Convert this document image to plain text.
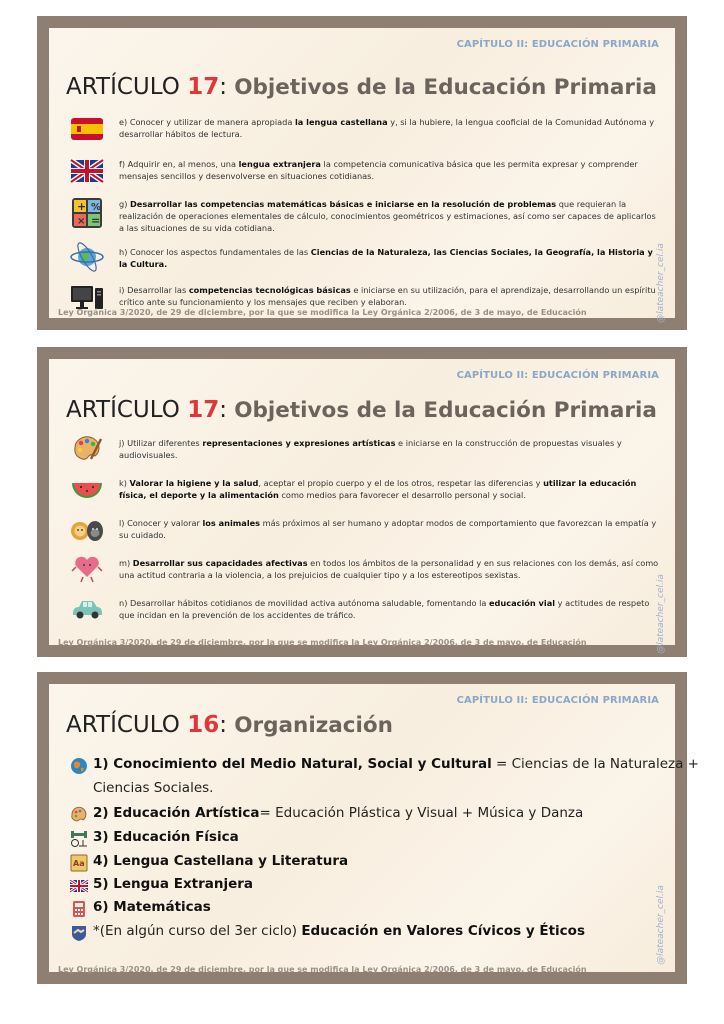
CAPÍTULO II: EDUCACIÓN PRIMARIA
ARTÍCULO 17: Objetivos de la Educación Primaria
e) Conocer y utilizar de manera apropiada la lengua castellana y, si la hubiere, la lengua cooficial de la Comunidad Autónoma y desarrollar hábitos de lectura.
f) Adquirir en, al menos, una lengua extranjera la competencia comunicativa básica que les permita expresar y comprender mensajes sencillos y desenvolverse en situaciones cotidianas.
+ %
× =
g) Desarrollar las competencias matemáticas básicas e iniciarse en la resolución de problemas que requieran la realización de operaciones elementales de cálculo, conocimientos geométricos y estimaciones, así como ser capaces de aplicarlos a las situaciones de su vida cotidiana.
h) Conocer los aspectos fundamentales de las Ciencias de la Naturaleza, las Ciencias Sociales, la Geografía, la Historia y la Cultura.
i) Desarrollar las competencias tecnológicas básicas e iniciarse en su utilización, para el aprendizaje, desarrollando un espíritu crítico ante su funcionamiento y los mensajes que reciben y elaboran.
Ley Orgánica 3/2020, de 29 de diciembre, por la que se modifica la Ley Orgánica 2/2006, de 3 de mayo, de Educación	@lateacher_cel.ia
CAPÍTULO II: EDUCACIÓN PRIMARIA
ARTÍCULO 17: Objetivos de la Educación Primaria
j) Utilizar diferentes representaciones y expresiones artísticas e iniciarse en la construcción de propuestas visuales y audiovisuales.
k) Valorar la higiene y la salud, aceptar el propio cuerpo y el de los otros, respetar las diferencias y utilizar la educación física, el deporte y la alimentación como medios para favorecer el desarrollo personal y social.
l) Conocer y valorar los animales más próximos al ser humano y adoptar modos de comportamiento que favorezcan la empatía y su cuidado.
m) Desarrollar sus capacidades afectivas en todos los ámbitos de la personalidad y en sus relaciones con los demás, así como una actitud contraria a la violencia, a los prejuicios de cualquier tipo y a los estereotipos sexistas.
n) Desarrollar hábitos cotidianos de movilidad activa autónoma saludable, fomentando la educación vial y actitudes de respeto que incidan en la prevención de los accidentes de tráfico.
Ley Orgánica 3/2020, de 29 de diciembre, por la que se modifica la Ley Orgánica 2/2006, de 3 de mayo, de Educación	@lateacher_cel.ia
CAPÍTULO II: EDUCACIÓN PRIMARIA
ARTÍCULO 16: Organización
1) Conocimiento del Medio Natural, Social y Cultural = Ciencias de la Naturaleza +
Ciencias Sociales.
2) Educación Artística= Educación Plástica y Visual + Música y Danza
3) Educación Física
Aa 4) Lengua Castellana y Literatura
5) Lengua Extranjera
6) Matemáticas
*(En algún curso del 3er ciclo) Educación en Valores Cívicos y Éticos
Ley Orgánica 3/2020, de 29 de diciembre, por la que se modifica la Ley Orgánica 2/2006, de 3 de mayo, de Educación
@lateacher_cel.ia
